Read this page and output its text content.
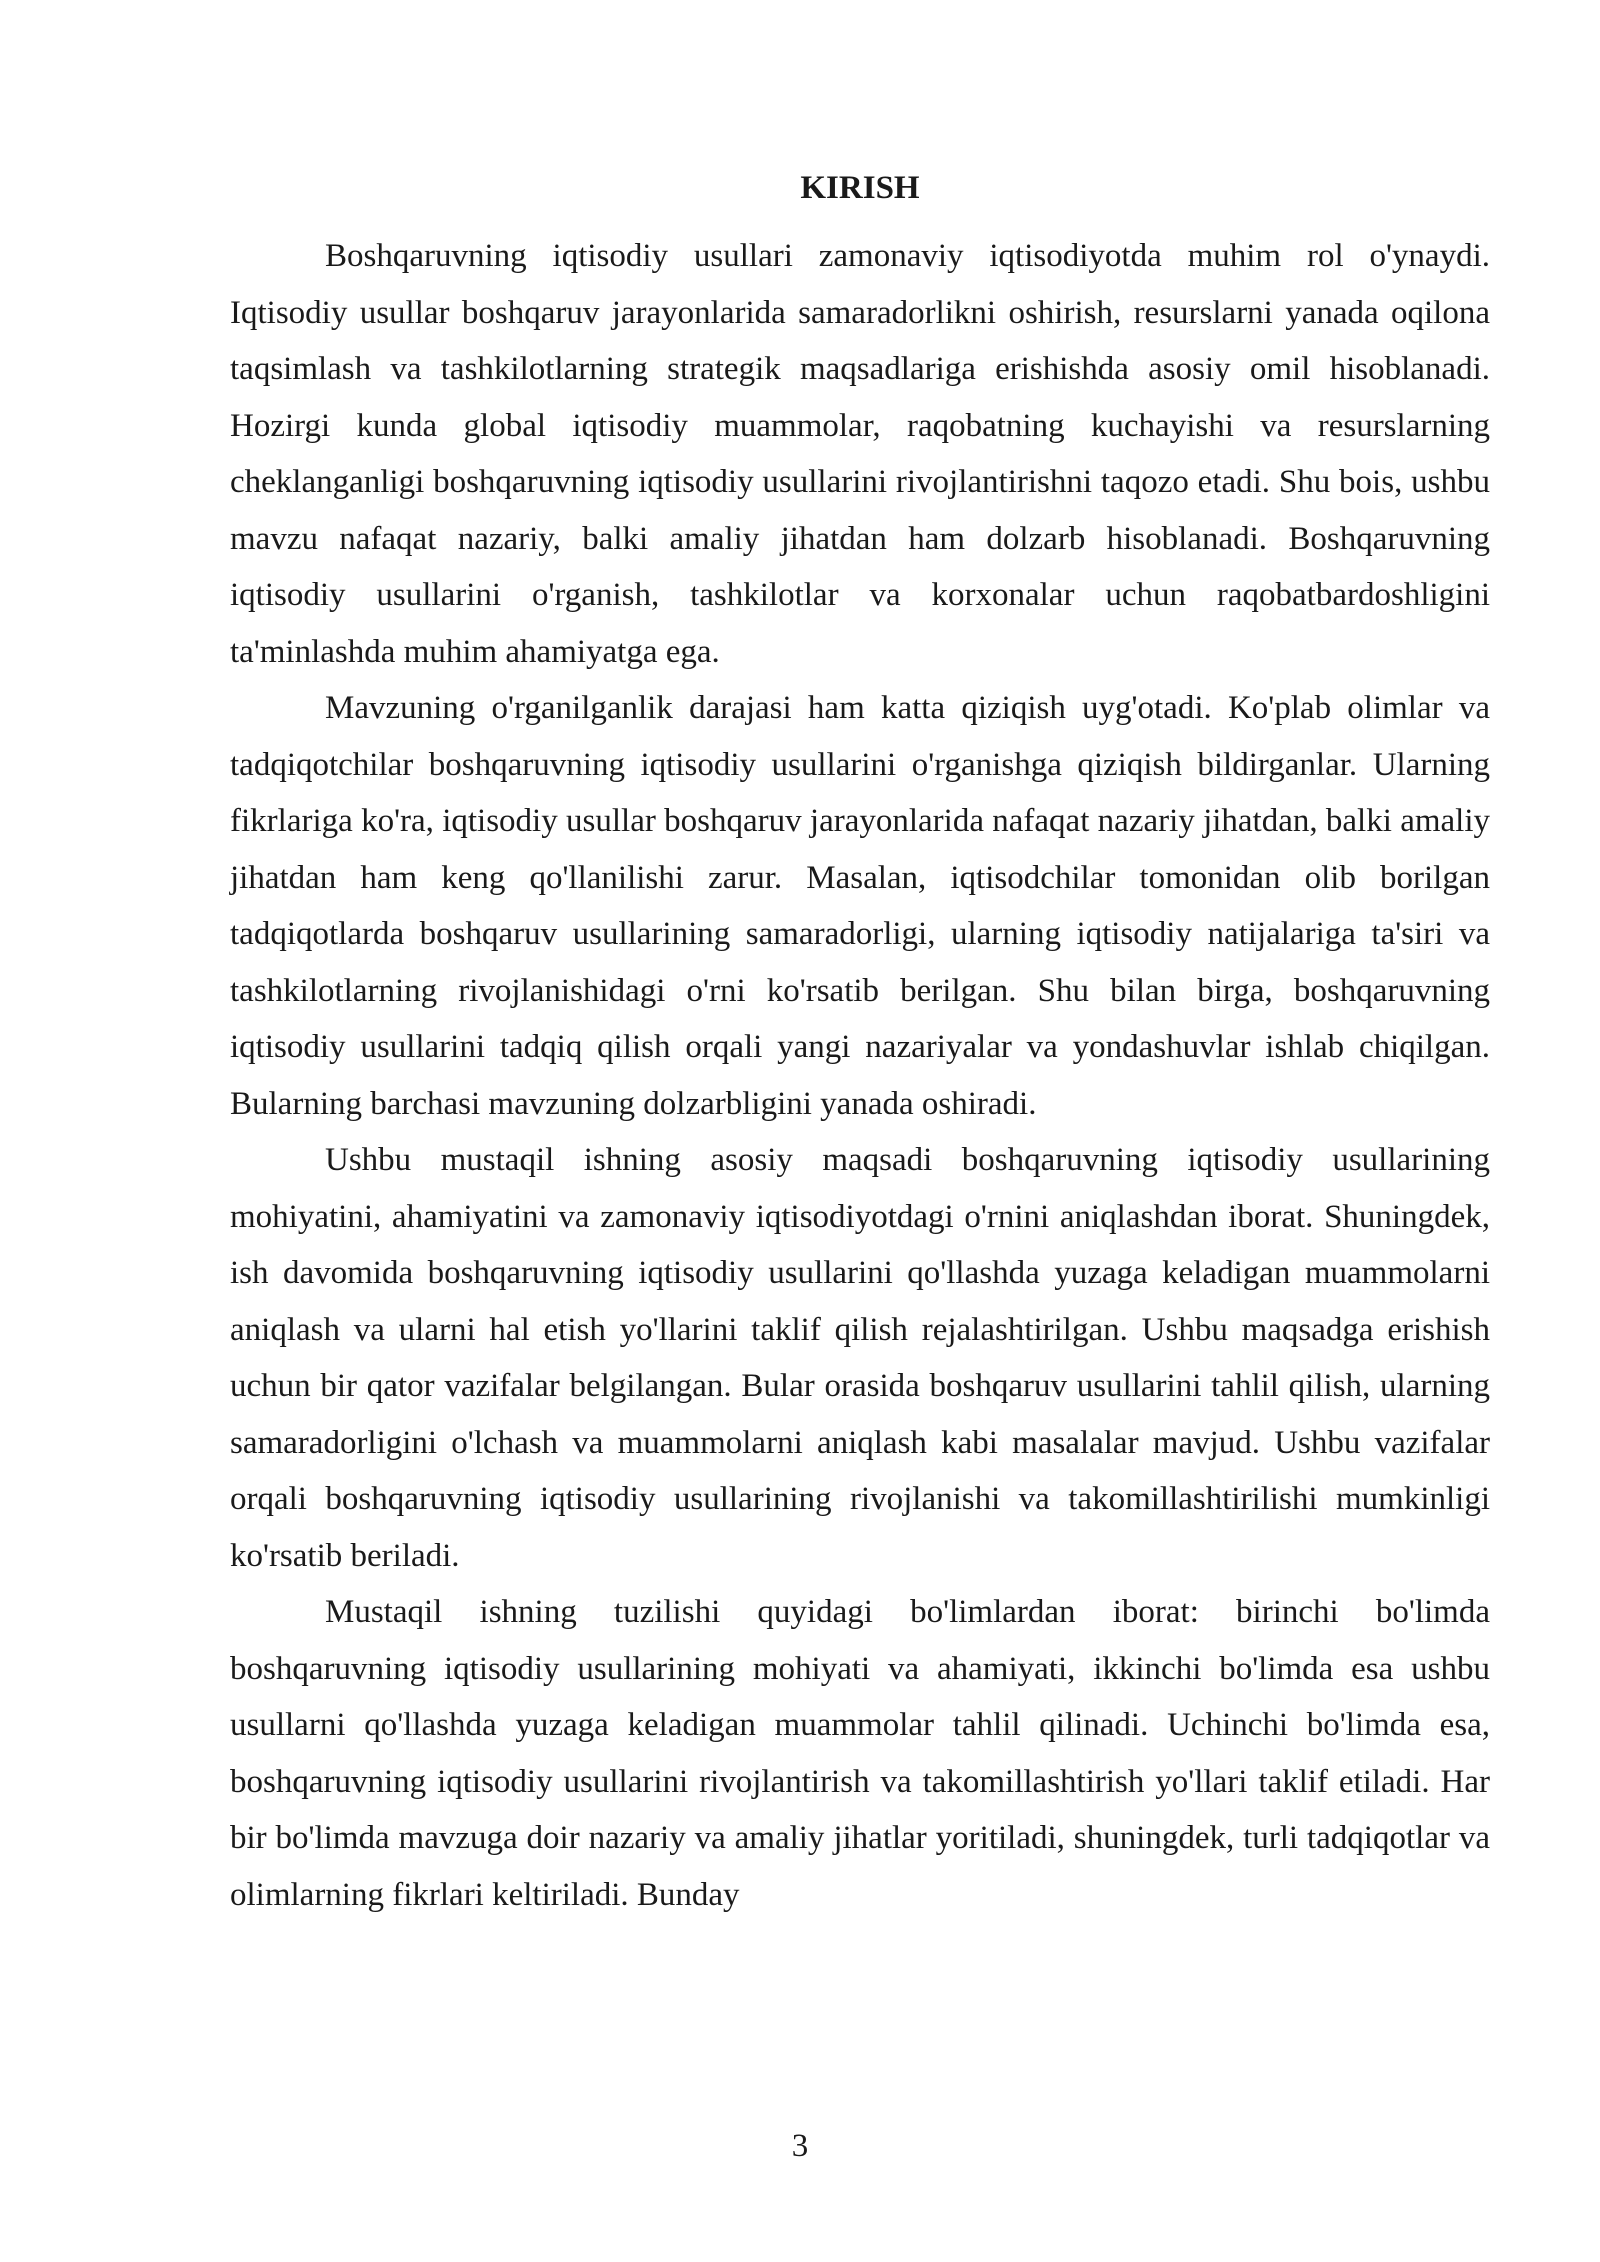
KIRISH

Boshqaruvning iqtisodiy usullari zamonaviy iqtisodiyotda muhim rol o'ynaydi. Iqtisodiy usullar boshqaruv jarayonlarida samaradorlikni oshirish, resurslarni yanada oqilona taqsimlash va tashkilotlarning strategik maqsadlariga erishishda asosiy omil hisoblanadi. Hozirgi kunda global iqtisodiy muammolar, raqobatning kuchayishi va resurslarning cheklanganligi boshqaruvning iqtisodiy usullarini rivojlantirishni taqozo etadi. Shu bois, ushbu mavzu nafaqat nazariy, balki amaliy jihatdan ham dolzarb hisoblanadi. Boshqaruvning iqtisodiy usullarini o'rganish, tashkilotlar va korxonalar uchun raqobatbardoshligini ta'minlashda muhim ahamiyatga ega.

Mavzuning o'rganilganlik darajasi ham katta qiziqish uyg'otadi. Ko'plab olimlar va tadqiqotchilar boshqaruvning iqtisodiy usullarini o'rganishga qiziqish bildirganlar. Ularning fikrlariga ko'ra, iqtisodiy usullar boshqaruv jarayonlarida nafaqat nazariy jihatdan, balki amaliy jihatdan ham keng qo'llanilishi zarur. Masalan, iqtisodchilar tomonidan olib borilgan tadqiqotlarda boshqaruv usullarining samaradorligi, ularning iqtisodiy natijalariga ta'siri va tashkilotlarning rivojlanishidagi o'rni ko'rsatib berilgan. Shu bilan birga, boshqaruvning iqtisodiy usullarini tadqiq qilish orqali yangi nazariyalar va yondashuvlar ishlab chiqilgan. Bularning barchasi mavzuning dolzarbligini yanada oshiradi.

Ushbu mustaqil ishning asosiy maqsadi boshqaruvning iqtisodiy usullarining mohiyatini, ahamiyatini va zamonaviy iqtisodiyotdagi o'rnini aniqlashdan iborat. Shuningdek, ish davomida boshqaruvning iqtisodiy usullarini qo'llashda yuzaga keladigan muammolarni aniqlash va ularni hal etish yo'llarini taklif qilish rejalashtirilgan. Ushbu maqsadga erishish uchun bir qator vazifalar belgilangan. Bular orasida boshqaruv usullarini tahlil qilish, ularning samaradorligini o'lchash va muammolarni aniqlash kabi masalalar mavjud. Ushbu vazifalar orqali boshqaruvning iqtisodiy usullarining rivojlanishi va takomillashtirilishi mumkinligi ko'rsatib beriladi.

Mustaqil ishning tuzilishi quyidagi bo'limlardan iborat: birinchi bo'limda boshqaruvning iqtisodiy usullarining mohiyati va ahamiyati, ikkinchi bo'limda esa ushbu usullarni qo'llashda yuzaga keladigan muammolar tahlil qilinadi. Uchinchi bo'limda esa, boshqaruvning iqtisodiy usullarini rivojlantirish va takomillashtirish yo'llari taklif etiladi. Har bir bo'limda mavzuga doir nazariy va amaliy jihatlar yoritiladi, shuningdek, turli tadqiqotlar va olimlarning fikrlari keltiriladi. Bunday

3
